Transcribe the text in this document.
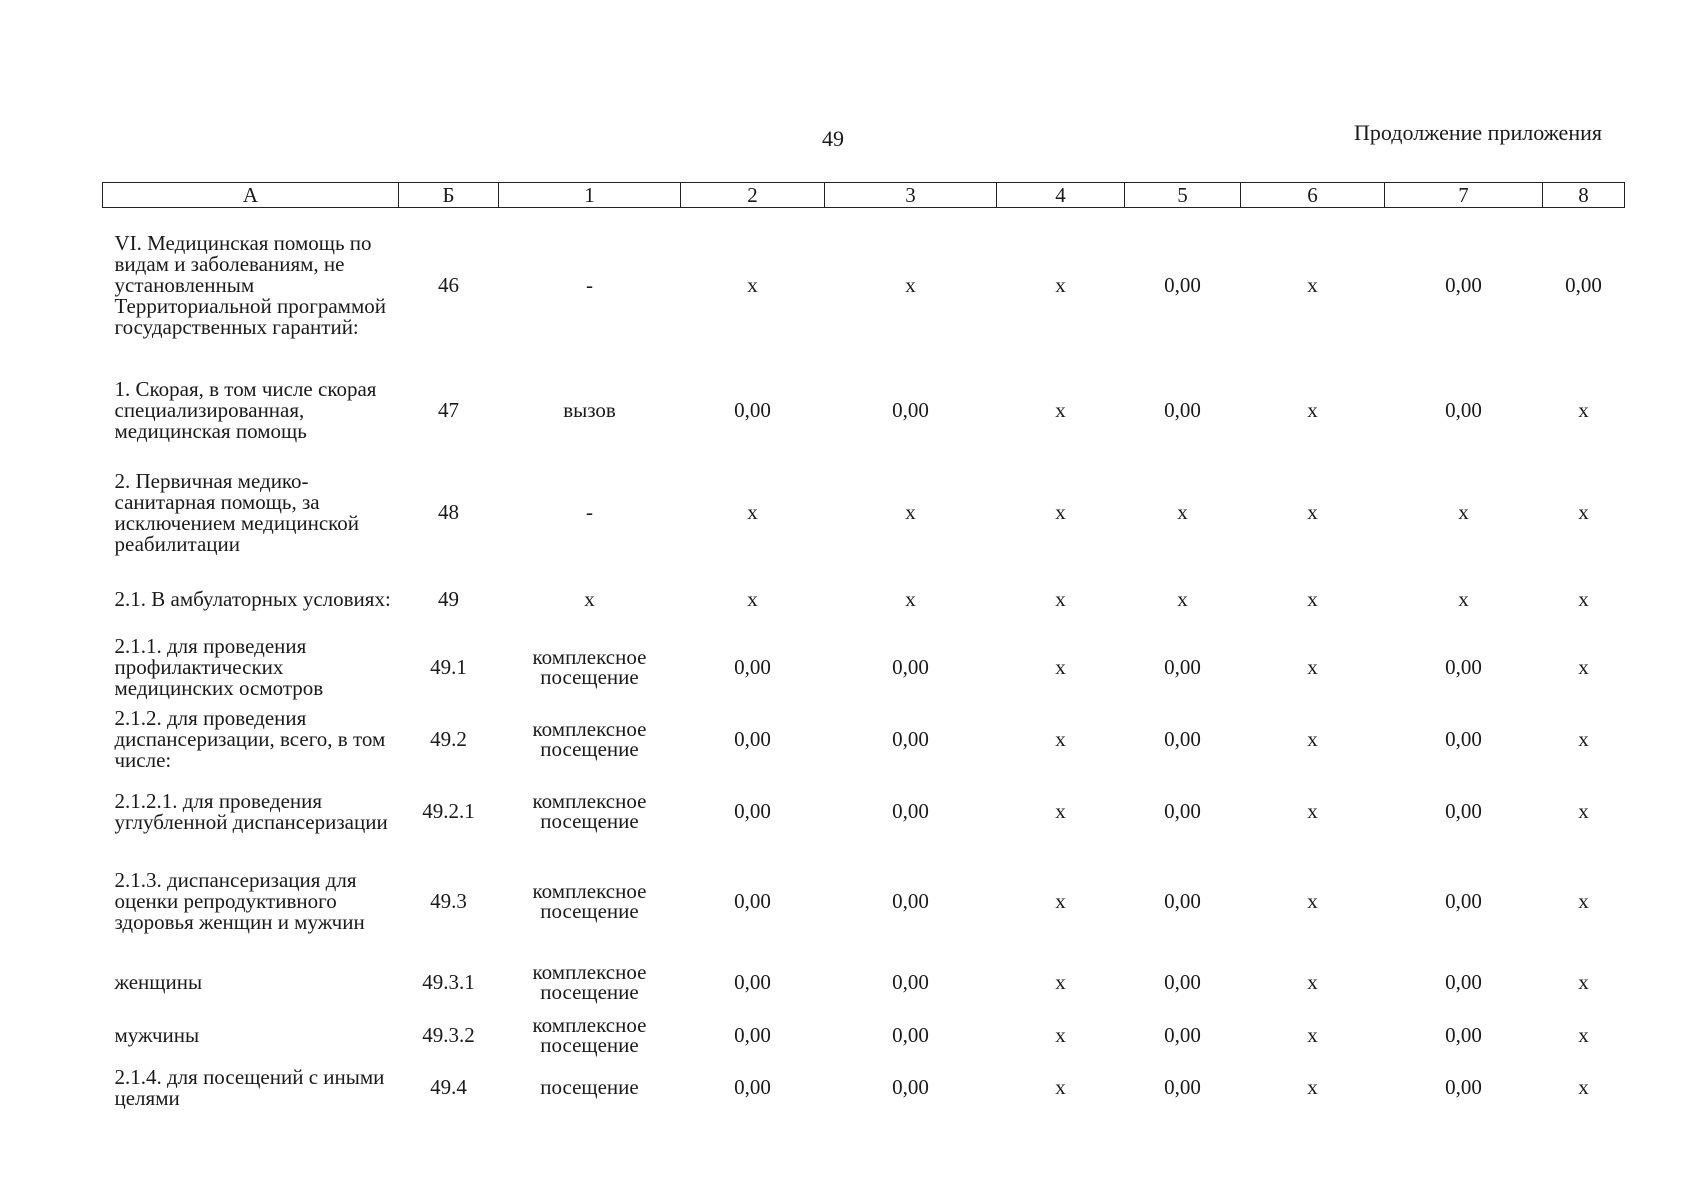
49	Продолжение приложения
А	Б	1	2	3	4	5	6	7	8
VI. Медицинская помощь по видам и заболеваниям, не установленным Территориальной программой государственных гарантий:	46	-	х	х	х	0,00	х	0,00	0,00
1. Скорая, в том числе скорая специализированная, медицинская помощь	47	вызов	0,00	0,00	х	0,00	х	0,00	х
2. Первичная медико-санитарная помощь, за исключением медицинской реабилитации	48	-	х	х	х	х	х	х	х
2.1. В амбулаторных условиях:	49	х	х	х	х	х	х	х	х
2.1.1. для проведения профилактических медицинских осмотров	49.1	комплексное посещение	0,00	0,00	х	0,00	х	0,00	х
2.1.2. для проведения диспансеризации, всего, в том числе:	49.2	комплексное посещение	0,00	0,00	х	0,00	х	0,00	х
2.1.2.1. для проведения углубленной диспансеризации	49.2.1	комплексное посещение	0,00	0,00	х	0,00	х	0,00	х
2.1.3. диспансеризация для оценки репродуктивного здоровья женщин и мужчин	49.3	комплексное посещение	0,00	0,00	х	0,00	х	0,00	х
женщины	49.3.1	комплексное посещение	0,00	0,00	х	0,00	х	0,00	х
мужчины	49.3.2	комплексное посещение	0,00	0,00	х	0,00	х	0,00	х
2.1.4. для посещений с иными целями	49.4	посещение	0,00	0,00	х	0,00	х	0,00	х
